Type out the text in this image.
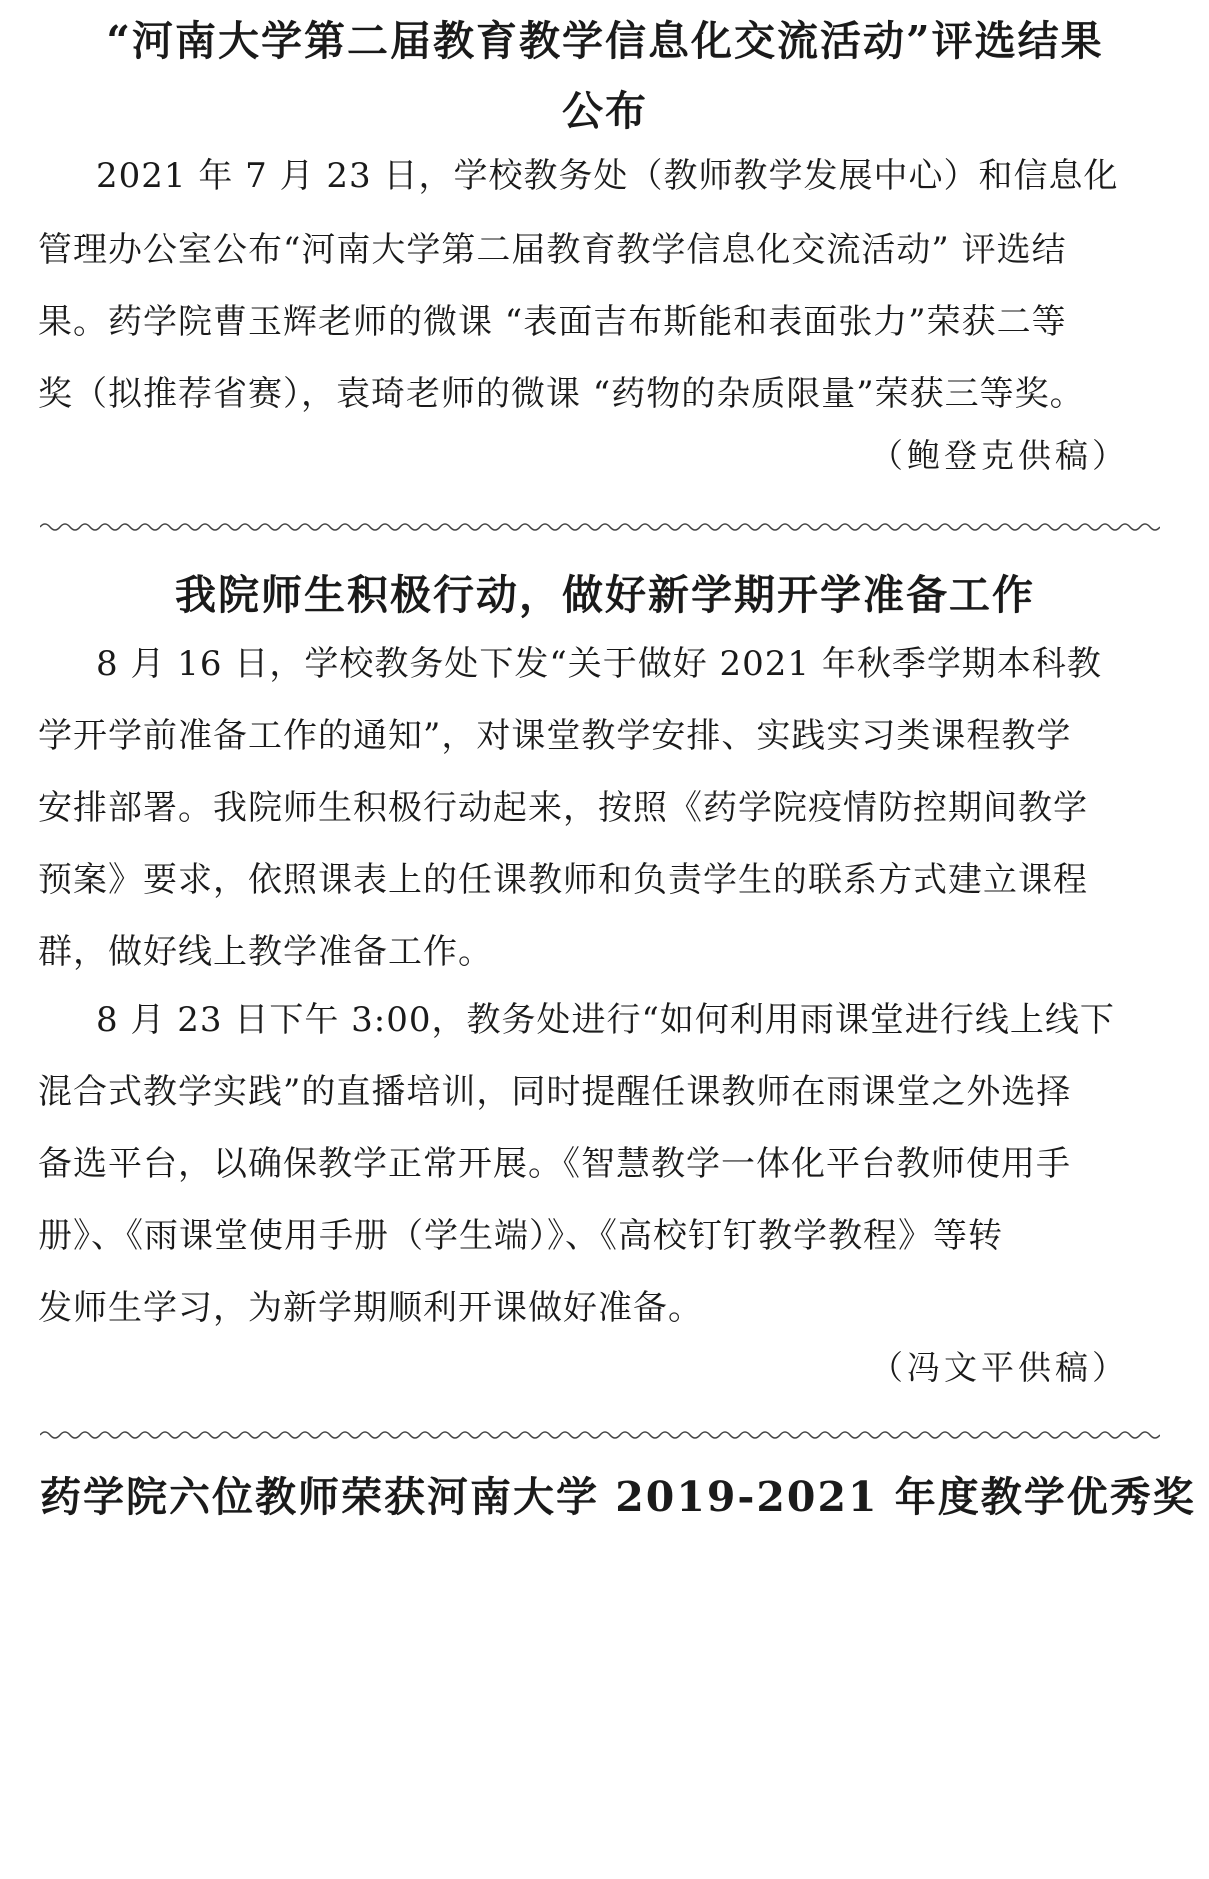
“河南大学第二届教育教学信息化交流活动”评选结果
公布
2021 年 7 月 23 日，学校教务处（教师教学发展中心）和信息化
管理办公室公布“河南大学第二届教育教学信息化交流活动” 评选结
果。药学院曹玉辉老师的微课 “表面吉布斯能和表面张力”荣获二等
奖（拟推荐省赛），袁琦老师的微课 “药物的杂质限量”荣获三等奖。
（鲍登克供稿）
我院师生积极行动，做好新学期开学准备工作
8 月 16 日，学校教务处下发“关于做好 2021 年秋季学期本科教
学开学前准备工作的通知”，对课堂教学安排、实践实习类课程教学
安排部署。我院师生积极行动起来，按照《药学院疫情防控期间教学
预案》要求，依照课表上的任课教师和负责学生的联系方式建立课程
群，做好线上教学准备工作。
8 月 23 日下午 3:00，教务处进行“如何利用雨课堂进行线上线下
混合式教学实践”的直播培训，同时提醒任课教师在雨课堂之外选择
备选平台，以确保教学正常开展。《智慧教学一体化平台教师使用手
册》、《雨课堂使用手册（学生端）》、《高校钉钉教学教程》等转
发师生学习，为新学期顺利开课做好准备。
（冯文平供稿）
药学院六位教师荣获河南大学 2019-2021 年度教学优秀奖
